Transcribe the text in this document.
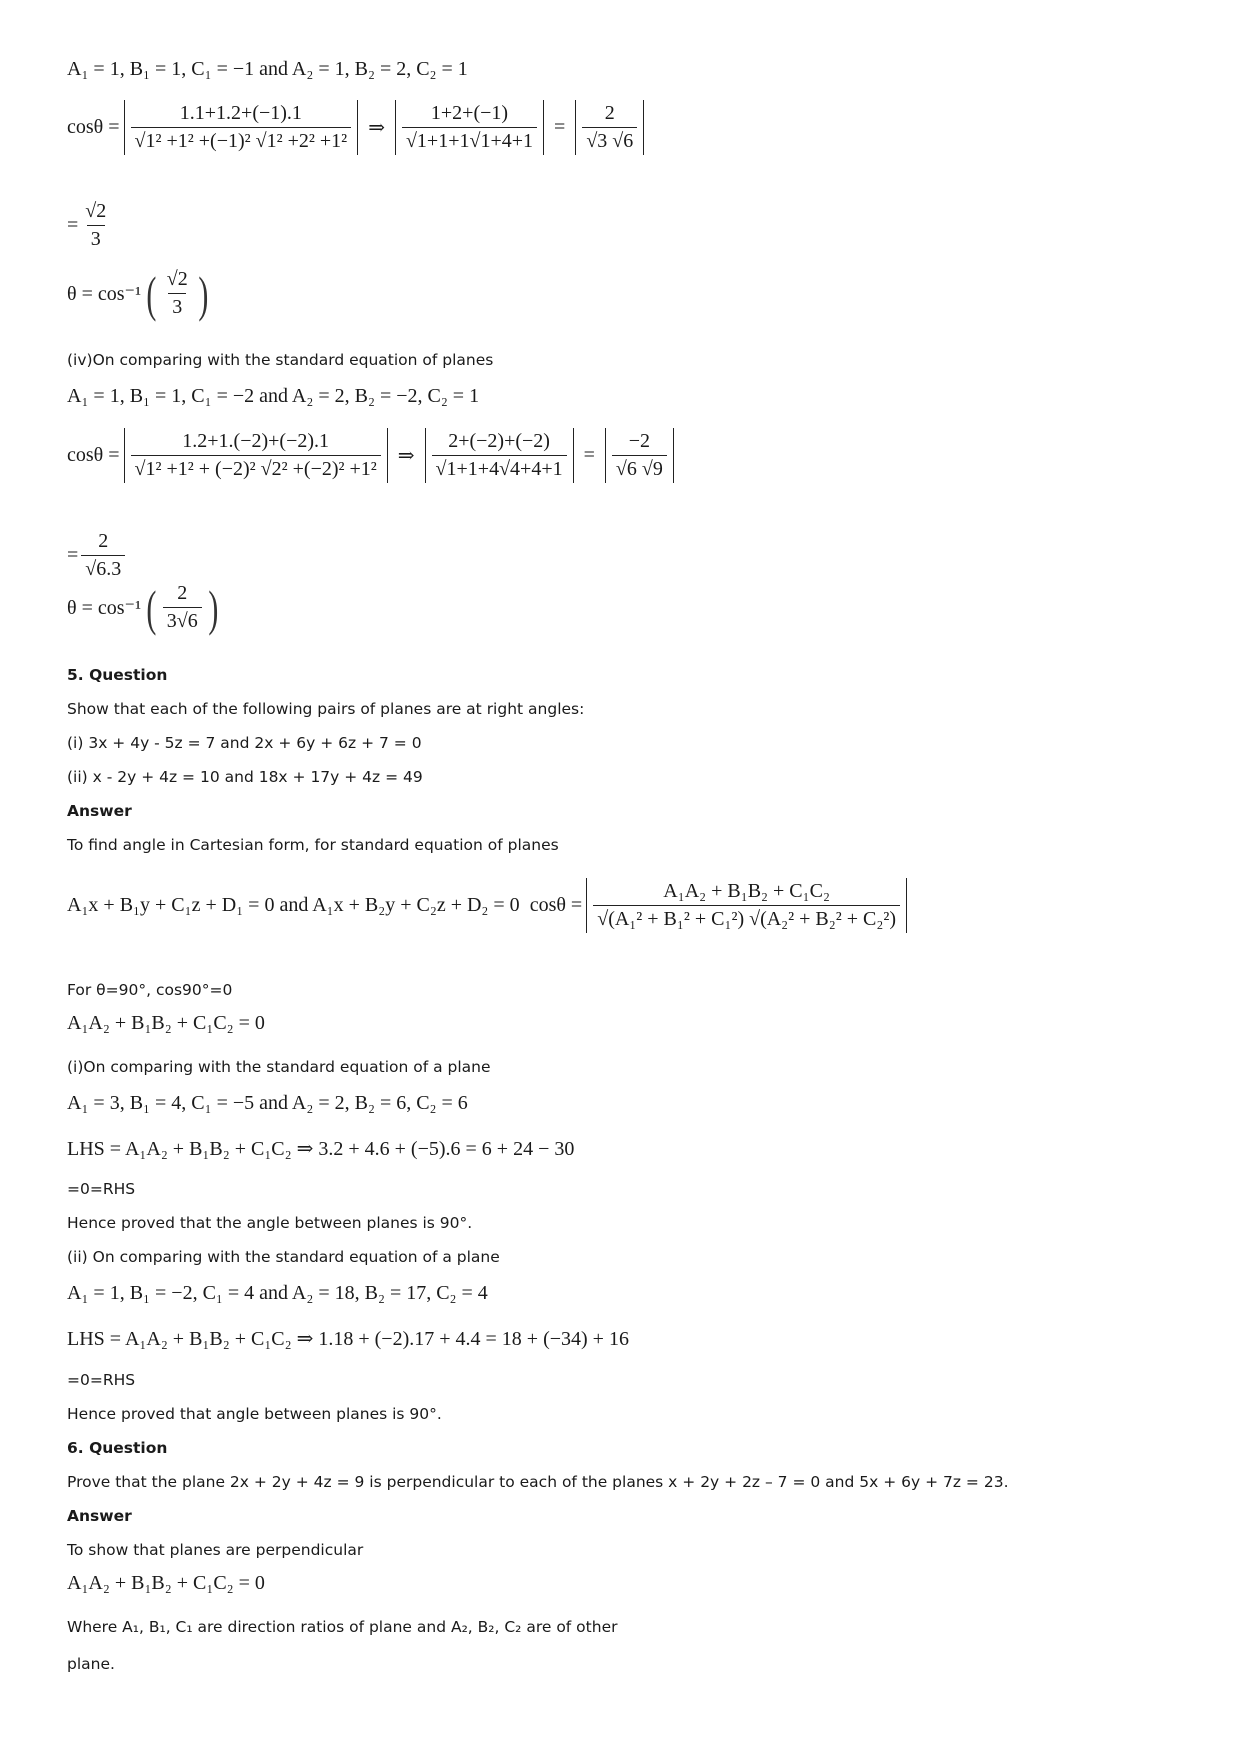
A₁ = 1, B₁ = 1, C₁ = −1 and A₂ = 1, B₂ = 2, C₂ = 1
$\cos\theta = \frac{1.1+1.2+(-1).1}{\text{√1² +1² +(−1)² √1² +2² +1²}}$ ⇒ $\frac{1+2+(-1)}{√1+1+1√1+4+1} = \frac{2}{√3 √6}$
= $\frac{√2}{3}$
θ = cos⁻¹ ( $\frac{√2}{3}$ )
(iv)On comparing with the standard equation of planes
A₁ = 1, B₁ = 1, C₁ = −2 and A₂ = 2, B₂ = −2, C₂ = 1
$\cos\theta = \frac{1.2+1.(-2)+(-2).1}{\text{√1² +1² + (−2)² √2² +(−2)² +1²}}$ ⇒ $\frac{2+(-2)+(-2)}{√1+1+4√4+4+1} = \frac{-2}{√6 √9}$
= $\frac{2}{√6.3}$
θ = cos⁻¹ ( $\frac{2}{3√6}$ )
5. Question
Show that each of the following pairs of planes are at right angles:
(i) 3x + 4y - 5z = 7 and 2x + 6y + 6z + 7 = 0
(ii) x - 2y + 4z = 10 and 18x + 17y + 4z = 49
Answer
To find angle in Cartesian form, for standard equation of planes
A₁x + B₁y + C₁z + D₁ = 0 and A₁x + B₂y + C₂z + D₂ = 0 $\cos\theta = \frac{\text{A₁A₂ + B₁B₂ + C₁C₂}}{\text{√(A₁² + B₁² + C₁²) √(A₂² + B₂² + C₂²)}}$
For θ=90°, cos90°=0
A₁A₂ + B₁B₂ + C₁C₂ = 0
(i)On comparing with the standard equation of a plane
A₁ = 3, B₁ = 4, C₁ = −5 and A₂ = 2, B₂ = 6, C₂ = 6
LHS = A₁A₂ + B₁B₂ + C₁C₂ ⇒ 3.2 + 4.6 + (−5).6 = 6 + 24 − 30
=0=RHS
Hence proved that the angle between planes is 90°.
(ii) On comparing with the standard equation of a plane
A₁ = 1, B₁ = −2, C₁ = 4 and A₂ = 18, B₂ = 17, C₂ = 4
LHS = A₁A₂ + B₁B₂ + C₁C₂ ⇒ 1.18 + (−2).17 + 4.4 = 18 + (−34) + 16
=0=RHS
Hence proved that angle between planes is 90°.
6. Question
Prove that the plane 2x + 2y + 4z = 9 is perpendicular to each of the planes x + 2y + 2z – 7 = 0 and 5x + 6y + 7z = 23.
Answer
To show that planes are perpendicular
A₁A₂ + B₁B₂ + C₁C₂ = 0
Where A₁, B₁, C₁ are direction ratios of plane and A₂, B₂, C₂ are of other
plane.
